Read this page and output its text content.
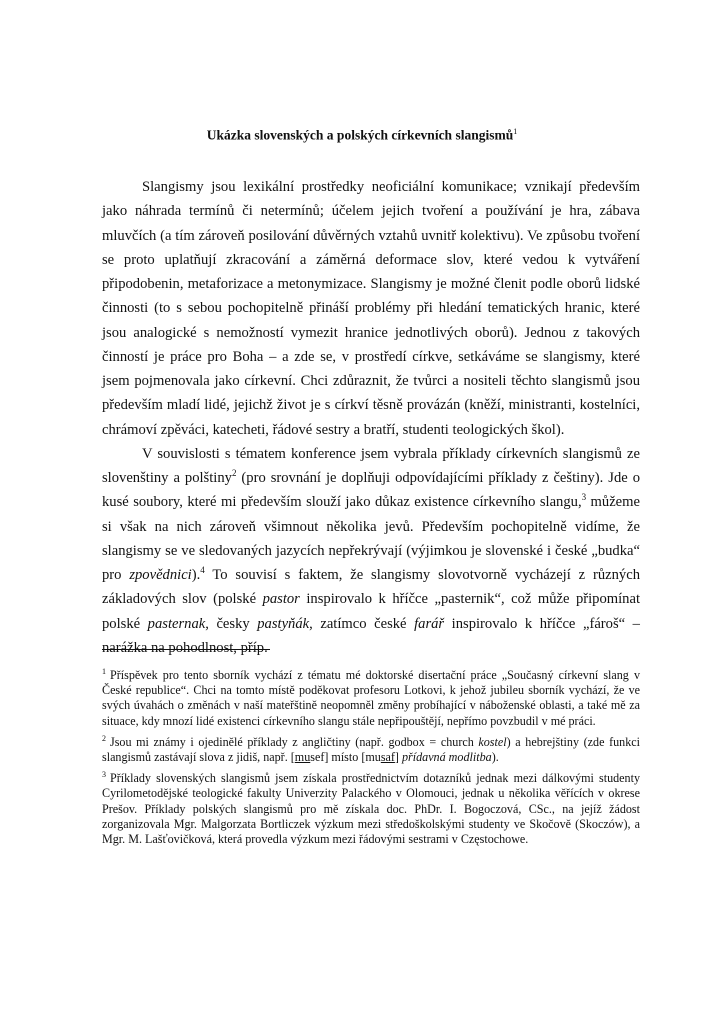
Ukázka slovenských a polských církevních slangismů$^1$

Slangismy jsou lexikální prostředky neoficiální komunikace; vznikají především jako náhrada termínů či netermínů; účelem jejich tvoření a používání je hra, zábava mluvčích (a tím zároveň posilování důvěrných vztahů uvnitř kolektivu). Ve způsobu tvoření se proto uplatňují zkracování a záměrná deformace slov, které vedou k vytváření připodobenin, metaforizace a metonymizace. Slangismy je možné členit podle oborů lidské činnosti (to s sebou pochopitelně přináší problémy při hledání tematických hranic, které jsou analogické s nemožností vymezit hranice jednotlivých oborů). Jednou z takových činností je práce pro Boha – a zde se, v prostředí církve, setkáváme se slangismy, které jsem pojmenovala jako církevní. Chci zdůraznit, že tvůrci a nositeli těchto slangismů jsou především mladí lidé, jejichž život je s církví těsně provázán (kněží, ministranti, kostelníci, chrámoví zpěváci, katecheti, řádové sestry a bratří, studenti teologických škol).

V souvislosti s tématem konference jsem vybrala příklady církevních slangismů ze slovenštiny a polštiny$^2$ (pro srovnání je doplňuji odpovídajícími příklady z češtiny). Jde o kusé soubory, které mi především slouží jako důkaz existence církevního slangu,$^3$ můžeme si však na nich zároveň všimnout několika jevů. Především pochopitelně vidíme, že slangismy se ve sledovaných jazycích nepřekrývají (výjimkou je slovenské i české „budka“ pro zpovědnici).$^4$ To souvisí s faktem, že slangismy slovotvorně vycházejí z různých základových slov (polské pastor inspirovalo k hříčce „pasternik“, což může připomínat polské pasternak, česky pastyňák, zatímco české farář inspirovalo k hříčce „fároš“ – narážka na pohodlnost, příp.

$^1$ Příspěvek pro tento sborník vychází z tématu mé doktorské disertační práce „Současný církevní slang v České republice“. Chci na tomto místě poděkovat profesoru Lotkovi, k jehož jubileu sborník vychází, že ve svých úvahách o změnách v naší mateřštině neopomněl změny probíhající v náboženské oblasti, a také mě za situace, kdy mnozí lidé existenci církevního slangu stále nepřipouštějí, nepřímo povzbudil v mé práci.

$^2$ Jsou mi známy i ojedinělé příklady z angličtiny (např. godbox = church kostel) a hebrejštiny (zde funkci slangismů zastávají slova z jidiš, např. [musef] místo [musaf] přídavná modlitba).

$^3$ Příklady slovenských slangismů jsem získala prostřednictvím dotazníků jednak mezi dálkovými studenty Cyrilometodějské teologické fakulty Univerzity Palackého v Olomouci, jednak u několika věřících v okrese Prešov. Příklady polských slangismů pro mě získala doc. PhDr. I. Bogoczová, CSc., na jejíž žádost zorganizovala Mgr. Malgorzata Bortliczek výzkum mezi středoškolskými studenty ve Skočově (Skoczów), a Mgr. M. Lašťovičková, která provedla výzkum mezi řádovými sestrami v Częstochowe.
